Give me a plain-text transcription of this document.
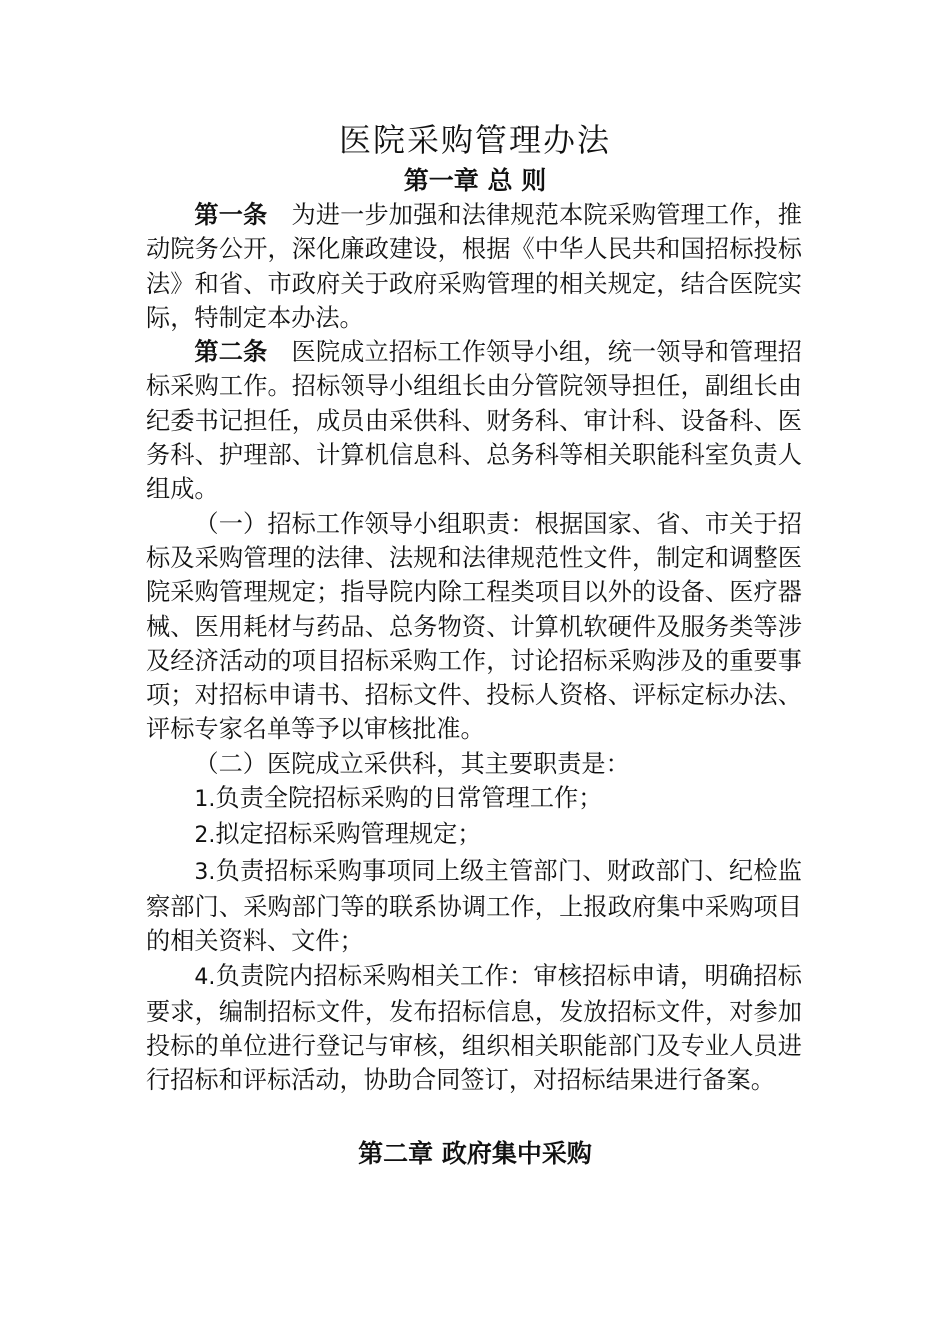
医院采购管理办法
第一章 总 则

第一条 为进一步加强和法律规范本院采购管理工作，推动院务公开，深化廉政建设，根据《中华人民共和国招标投标法》和省、市政府关于政府采购管理的相关规定，结合医院实际，特制定本办法。

第二条 医院成立招标工作领导小组，统一领导和管理招标采购工作。招标领导小组组长由分管院领导担任，副组长由纪委书记担任，成员由采供科、财务科、审计科、设备科、医务科、护理部、计算机信息科、总务科等相关职能科室负责人组成。

（一）招标工作领导小组职责：根据国家、省、市关于招标及采购管理的法律、法规和法律规范性文件，制定和调整医院采购管理规定；指导院内除工程类项目以外的设备、医疗器械、医用耗材与药品、总务物资、计算机软硬件及服务类等涉及经济活动的项目招标采购工作，讨论招标采购涉及的重要事项；对招标申请书、招标文件、投标人资格、评标定标办法、评标专家名单等予以审核批准。

（二）医院成立采供科，其主要职责是：

1.负责全院招标采购的日常管理工作；

2.拟定招标采购管理规定；

3.负责招标采购事项同上级主管部门、财政部门、纪检监察部门、采购部门等的联系协调工作，上报政府集中采购项目的相关资料、文件；

4.负责院内招标采购相关工作：审核招标申请，明确招标要求，编制招标文件，发布招标信息，发放招标文件，对参加投标的单位进行登记与审核，组织相关职能部门及专业人员进行招标和评标活动，协助合同签订，对招标结果进行备案。

第二章 政府集中采购
